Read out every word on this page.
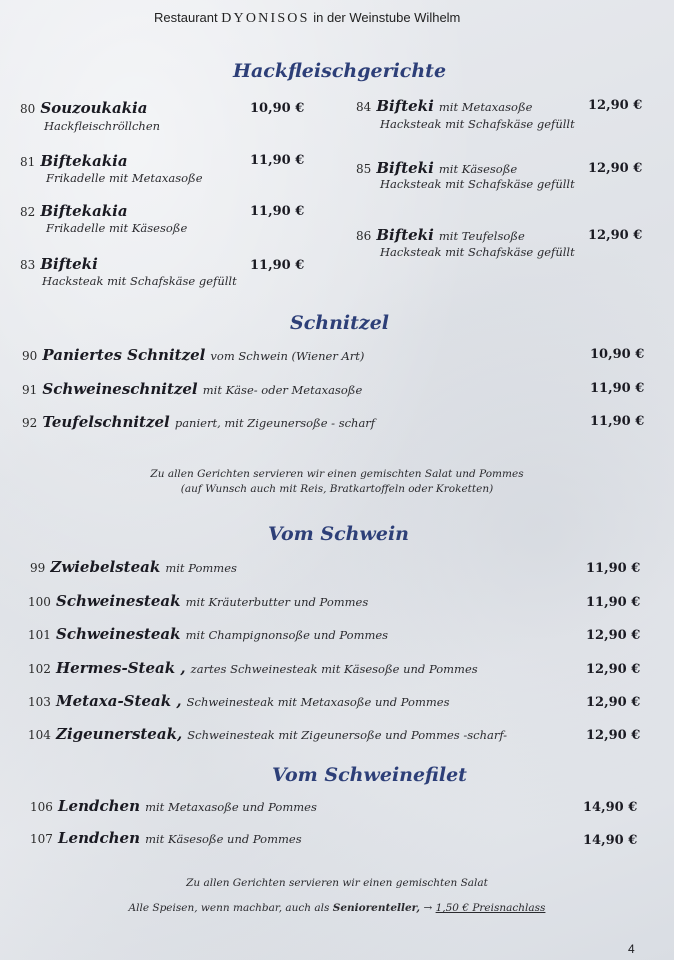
Restaurant DYONISOS in der Weinstube Wilhelm
Hackfleischgerichte
80 Souzoukakia
Hackfleischröllchen
10,90 €
81 Biftekakia
Frikadelle mit Metaxasoße
11,90 €
82 Biftekakia
Frikadelle mit Käsesoße
11,90 €
83 Bifteki
Hacksteak mit Schafskäse gefüllt
11,90 €
84 Bifteki mit Metaxasoße
Hacksteak mit Schafskäse gefüllt
12,90 €
85 Bifteki mit Käsesoße
Hacksteak mit Schafskäse gefüllt
12,90 €
86 Bifteki mit Teufelsoße
Hacksteak mit Schafskäse gefüllt
12,90 €
Schnitzel
90 Paniertes Schnitzel vom Schwein (Wiener Art)	10,90 €
91 Schweineschnitzel mit Käse- oder Metaxasoße	11,90 €
92 Teufelschnitzel paniert, mit Zigeunersoße - scharf	11,90 €
Zu allen Gerichten servieren wir einen gemischten Salat und Pommes
(auf Wunsch auch mit Reis, Bratkartoffeln oder Kroketten)
Vom Schwein
99 Zwiebelsteak mit Pommes	11,90 €
100 Schweinesteak mit Kräuterbutter und Pommes	11,90 €
101 Schweinesteak mit Champignonsoße und Pommes	12,90 €
102 Hermes-Steak , zartes Schweinesteak mit Käsesoße und Pommes	12,90 €
103 Metaxa-Steak , Schweinesteak mit Metaxasoße und Pommes	12,90 €
104 Zigeunersteak, Schweinesteak mit Zigeunersoße und Pommes -scharf-	12,90 €
Vom Schweinefilet
106 Lendchen mit Metaxasoße und Pommes	14,90 €
107 Lendchen mit Käsesoße und Pommes	14,90 €
Zu allen Gerichten servieren wir einen gemischten Salat
Alle Speisen, wenn machbar, auch als Seniorenteller, → 1,50 € Preisnachlass
4
